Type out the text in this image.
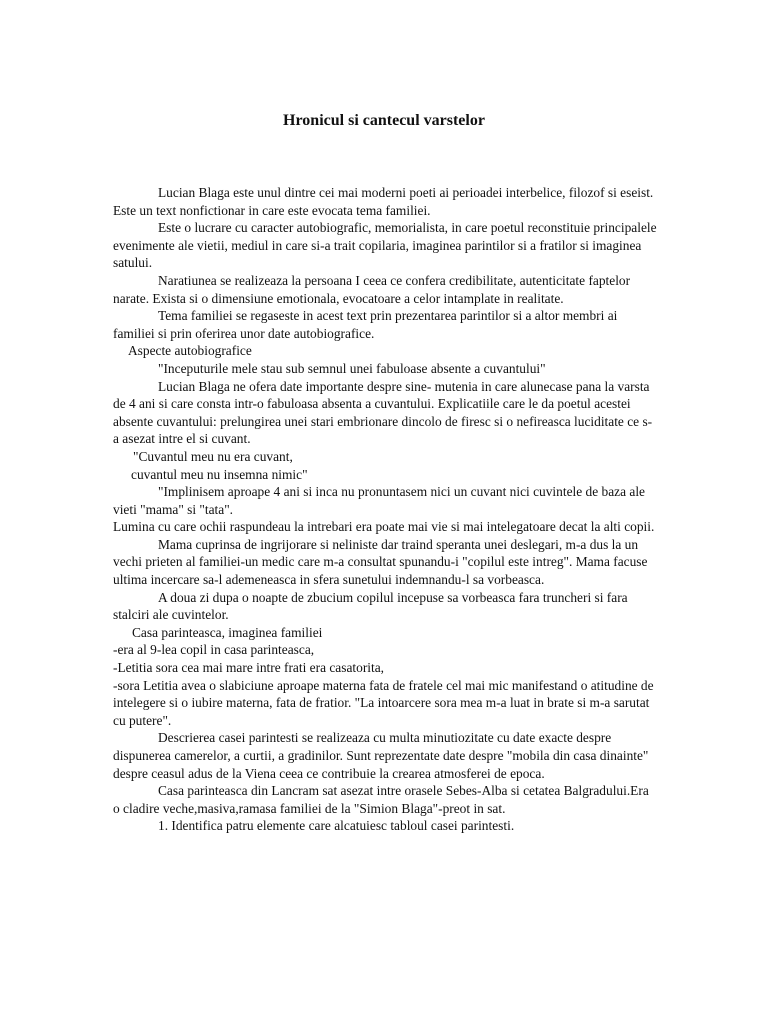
Hronicul si cantecul varstelor

Lucian Blaga este unul dintre cei mai moderni poeti ai perioadei interbelice, filozof si eseist. Este un text nonfictionar in care este evocata tema familiei.

Este o lucrare cu caracter autobiografic, memorialista, in care poetul reconstituie principalele evenimente ale vietii, mediul in care si-a trait copilaria, imaginea parintilor si a fratilor si imaginea satului.

Naratiunea se realizeaza la persoana I ceea ce confera credibilitate, autenticitate faptelor narate. Exista si o dimensiune emotionala, evocatoare a celor intamplate in realitate.

Tema familiei se regaseste in acest text prin prezentarea parintilor si a altor membri ai familiei si prin oferirea unor date autobiografice.

Aspecte autobiografice

"Inceputurile mele stau sub semnul unei fabuloase absente a cuvantului"

Lucian Blaga ne ofera date importante despre sine- mutenia in care alunecase pana la varsta de 4 ani si care consta intr-o fabuloasa absenta a cuvantului. Explicatiile care le da poetul acestei absente cuvantului: prelungirea unei stari embrionare dincolo de firesc si o nefireasca luciditate ce s-a asezat intre el si cuvant.

"Cuvantul meu nu era cuvant,

cuvantul meu nu insemna nimic"

"Implinisem aproape 4 ani si inca nu pronuntasem nici un cuvant nici cuvintele de baza ale vieti "mama" si "tata".

Lumina cu care ochii raspundeau la intrebari era poate mai vie si mai intelegatoare decat la alti copii.

Mama cuprinsa de ingrijorare si neliniste dar traind speranta unei deslegari, m-a dus la un vechi prieten al familiei-un medic care m-a consultat spunandu-i "copilul este intreg". Mama facuse ultima incercare sa-l ademeneasca in sfera sunetului indemnandu-l sa vorbeasca.

A doua zi dupa o noapte de zbucium copilul incepuse sa vorbeasca fara truncheri si fara stalciri ale cuvintelor.

Casa parinteasca, imaginea familiei

-era al 9-lea copil in casa parinteasca,

-Letitia sora cea mai mare intre frati era casatorita,

-sora Letitia avea o slabiciune aproape materna fata de fratele cel mai mic manifestand o atitudine de intelegere si o iubire materna, fata de fratior. "La intoarcere sora mea m-a luat in brate si m-a sarutat cu putere".

Descrierea casei parintesti se realizeaza cu multa minutiozitate cu date exacte despre dispunerea camerelor, a curtii, a gradinilor. Sunt reprezentate date despre "mobila din casa dinainte" despre ceasul adus de la Viena ceea ce contribuie la crearea atmosferei de epoca.

Casa parinteasca din Lancram sat asezat intre orasele Sebes-Alba si cetatea Balgradului.Era o cladire veche,masiva,ramasa familiei de la "Simion Blaga"-preot in sat.

1. Identifica patru elemente care alcatuiesc tabloul casei parintesti.
